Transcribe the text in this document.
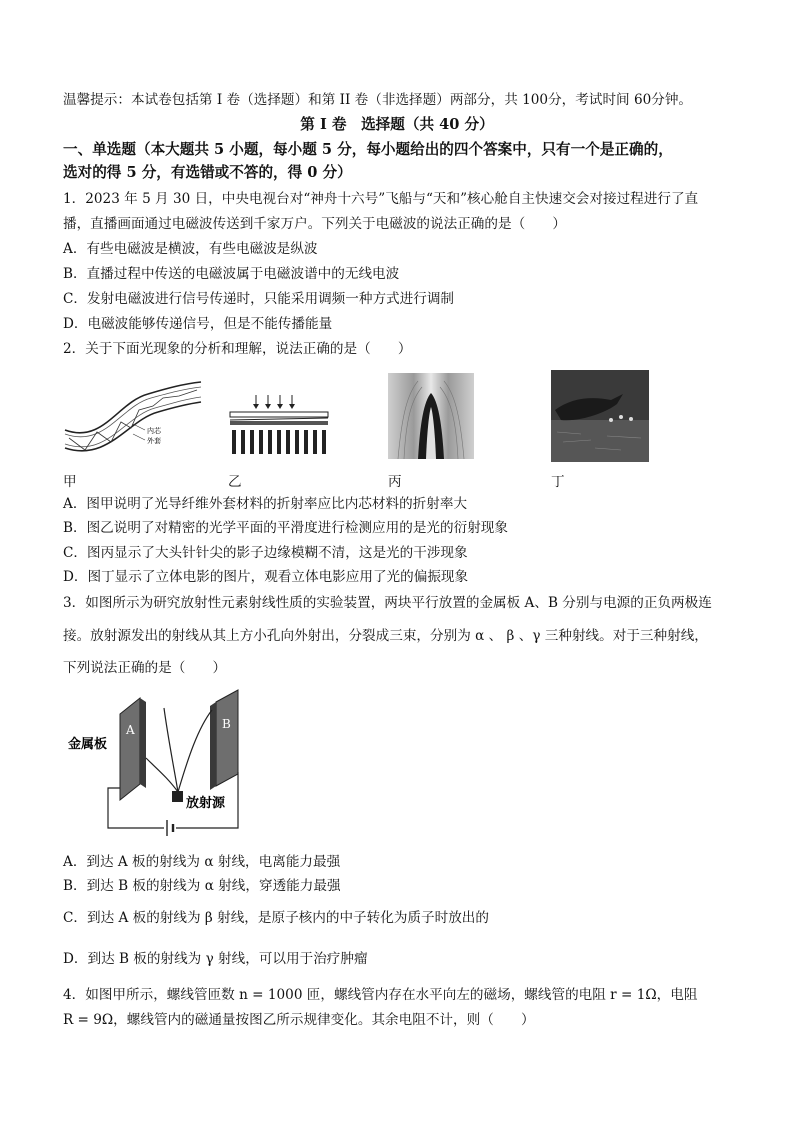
温馨提示：本试卷包括第 I 卷（选择题）和第 II 卷（非选择题）两部分，共 100分，考试时间 60分钟。
第 I 卷　选择题（共 40 分）
一、单选题（本大题共 5 小题，每小题 5 分，每小题给出的四个答案中，只有一个是正确的，
选对的得 5 分，有选错或不答的，得 0 分）
1．2023 年 5 月 30 日，中央电视台对“神舟十六号”飞船与“天和”核心舱自主快速交会对接过程进行了直
播，直播画面通过电磁波传送到千家万户。下列关于电磁波的说法正确的是（　　）
A．有些电磁波是横波，有些电磁波是纵波
B．直播过程中传送的电磁波属于电磁波谱中的无线电波
C．发射电磁波进行信号传递时，只能采用调频一种方式进行调制
D．电磁波能够传递信号，但是不能传播能量
2．关于下面光现象的分析和理解，说法正确的是（　　）
内芯
外套
甲	乙	丙	丁
A．图甲说明了光导纤维外套材料的折射率应比内芯材料的折射率大
B．图乙说明了对精密的光学平面的平滑度进行检测应用的是光的衍射现象
C．图丙显示了大头针针尖的影子边缘模糊不清，这是光的干涉现象
D．图丁显示了立体电影的图片，观看立体电影应用了光的偏振现象
3．如图所示为研究放射性元素射线性质的实验装置，两块平行放置的金属板 A、B 分别与电源的正负两极连
接。放射源发出的射线从其上方小孔向外射出，分裂成三束，分别为 α 、 β 、γ 三种射线。对于三种射线，
下列说法正确的是（　　）
A	B
放射源
金属板
A．到达 A 板的射线为 α 射线，电离能力最强
B．到达 B 板的射线为 α 射线，穿透能力最强
C．到达 A 板的射线为 β 射线，是原子核内的中子转化为质子时放出的
D．到达 B 板的射线为 γ 射线，可以用于治疗肿瘤
4．如图甲所示，螺线管匝数 n = 1000 匝，螺线管内存在水平向左的磁场，螺线管的电阻 r = 1Ω，电阻
R = 9Ω，螺线管内的磁通量按图乙所示规律变化。其余电阻不计，则（　　）
